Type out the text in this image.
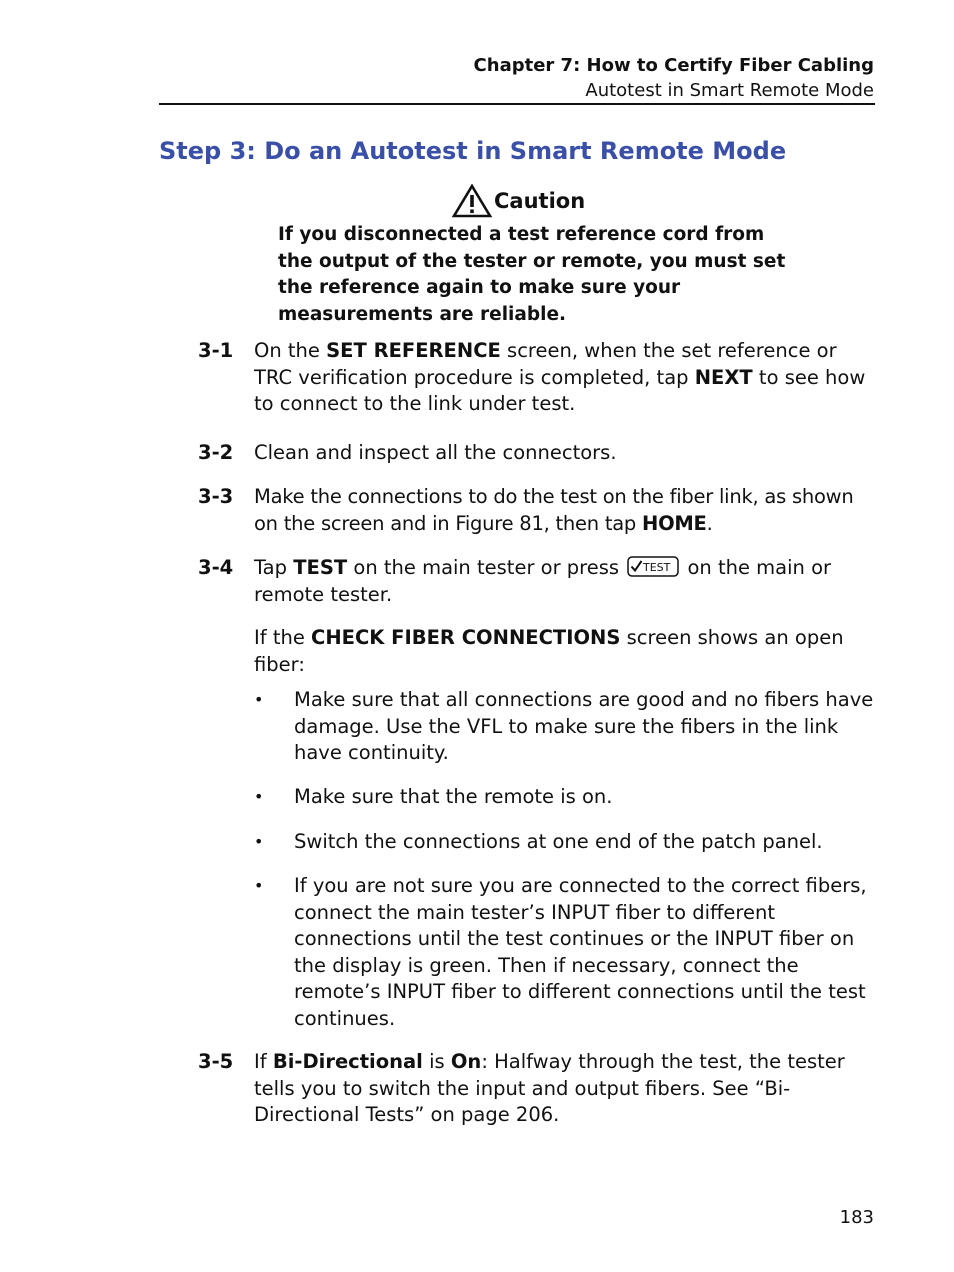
Chapter 7: How to Certify Fiber Cabling
Autotest in Smart Remote Mode
Step 3: Do an Autotest in Smart Remote Mode
Caution
If you disconnected a test reference cord from the output of the tester or remote, you must set the reference again to make sure your measurements are reliable.
3-1 On the SET REFERENCE screen, when the set reference or TRC verification procedure is completed, tap NEXT to see how to connect to the link under test.
3-2 Clean and inspect all the connectors.
3-3 Make the connections to do the test on the fiber link, as shown on the screen and in Figure 81, then tap HOME.
3-4 Tap TEST on the main tester or press TEST on the main or remote tester.
If the CHECK FIBER CONNECTIONS screen shows an open fiber:
• Make sure that all connections are good and no fibers have damage. Use the VFL to make sure the fibers in the link have continuity.
• Make sure that the remote is on.
• Switch the connections at one end of the patch panel.
• If you are not sure you are connected to the correct fibers, connect the main tester’s INPUT fiber to different connections until the test continues or the INPUT fiber on the display is green. Then if necessary, connect the remote’s INPUT fiber to different connections until the test continues.
3-5 If Bi-Directional is On: Halfway through the test, the tester tells you to switch the input and output fibers. See “Bi-Directional Tests” on page 206.
183
